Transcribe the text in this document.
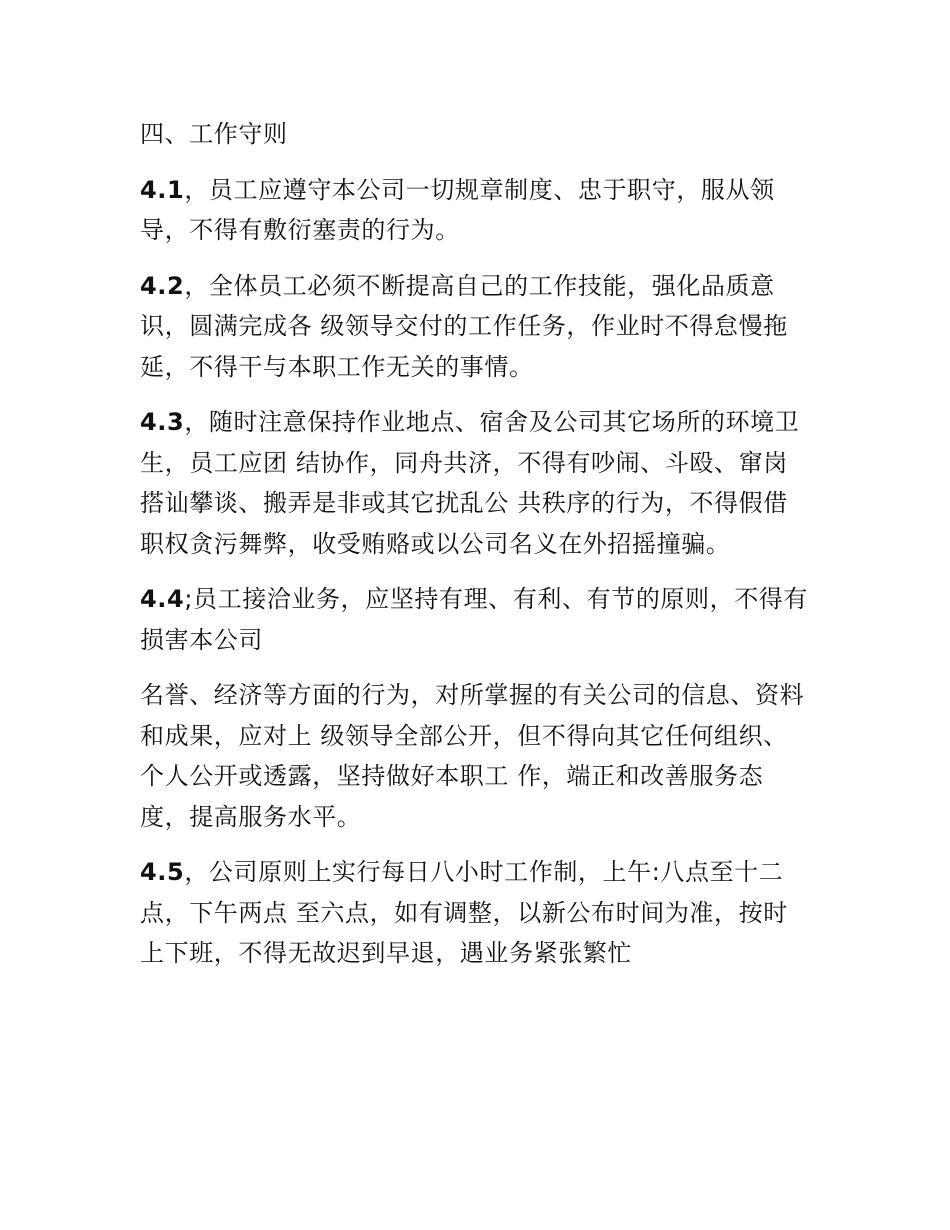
四、工作守则
4.1，员工应遵守本公司一切规章制度、忠于职守，服从领导，不得有敷衍塞责的行为。
4.2，全体员工必须不断提高自己的工作技能，强化品质意识，圆满完成各 级领导交付的工作任务，作业时不得怠慢拖延，不得干与本职工作无关的事情。
4.3，随时注意保持作业地点、宿舍及公司其它场所的环境卫生，员工应团 结协作，同舟共济，不得有吵闹、斗殴、窜岗搭讪攀谈、搬弄是非或其它扰乱公 共秩序的行为，不得假借职权贪污舞弊，收受贿赂或以公司名义在外招摇撞骗。
4.4;员工接洽业务，应坚持有理、有利、有节的原则，不得有损害本公司
名誉、经济等方面的行为，对所掌握的有关公司的信息、资料和成果，应对上 级领导全部公开，但不得向其它任何组织、个人公开或透露，坚持做好本职工 作，端正和改善服务态度，提高服务水平。
4.5，公司原则上实行每日八小时工作制，上午:八点至十二点，下午两点 至六点，如有调整，以新公布时间为准，按时上下班，不得无故迟到早退，遇业务紧张繁忙
